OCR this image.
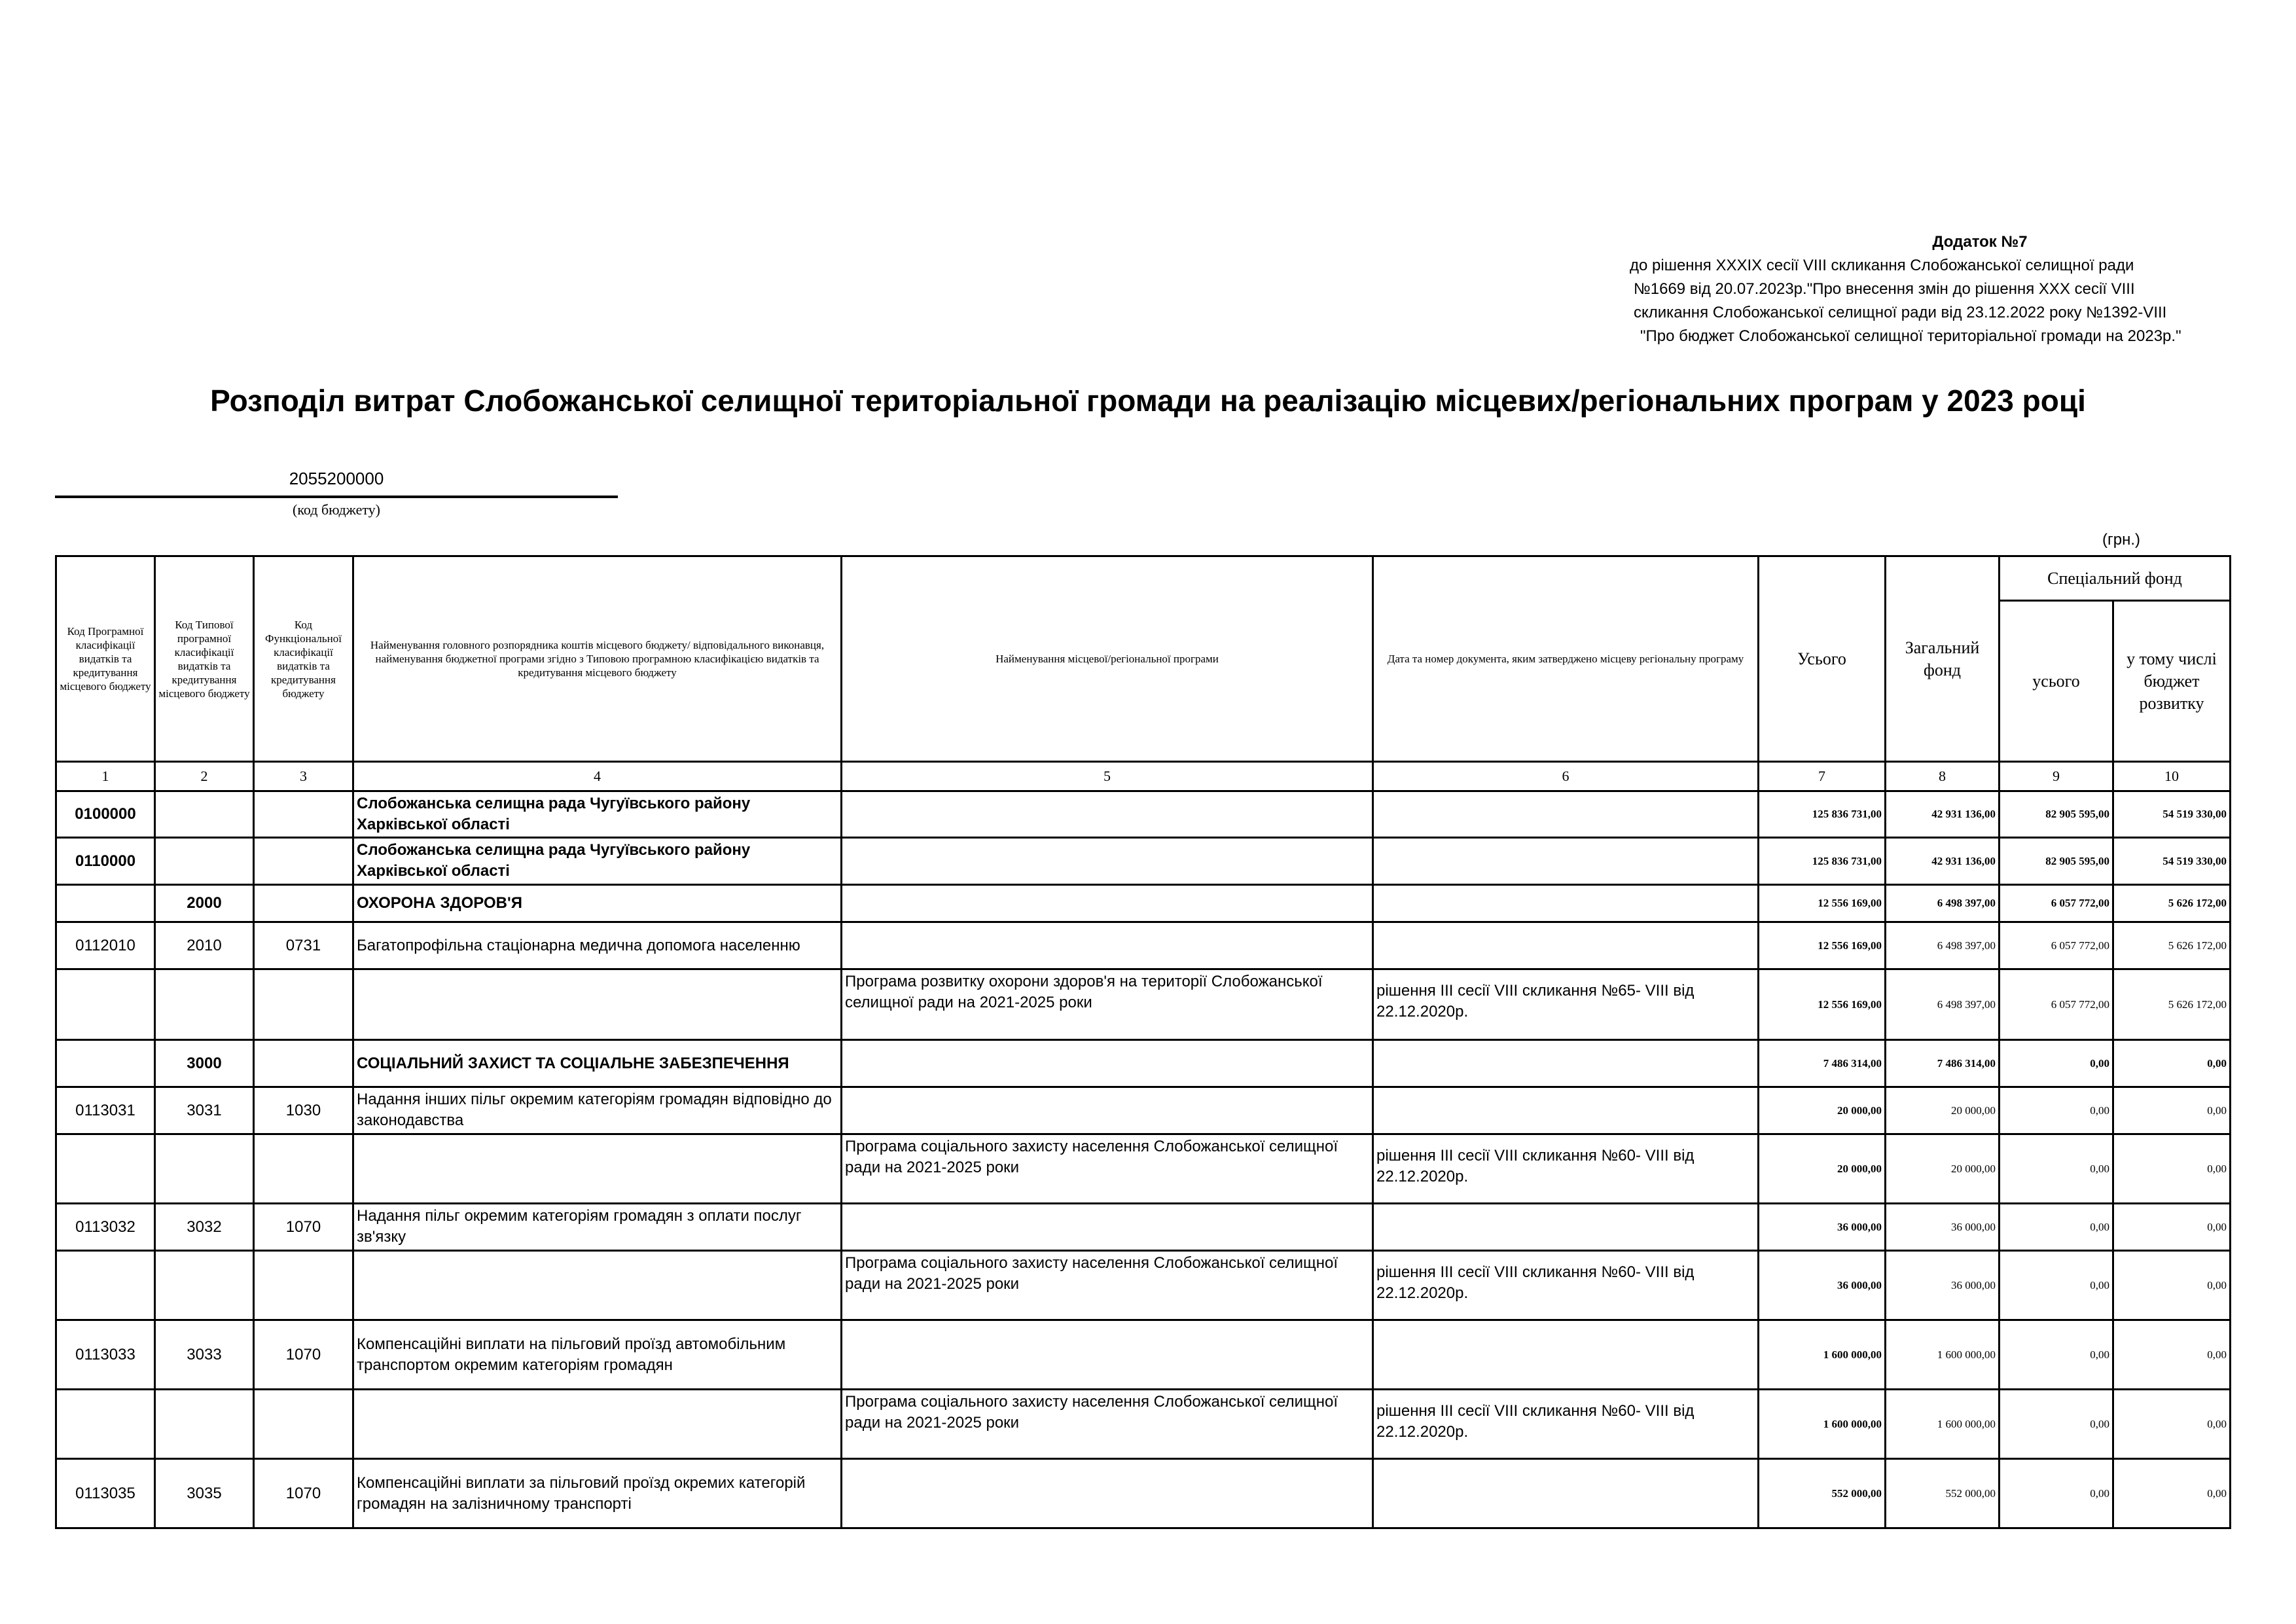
Додаток №7
до рішення ХХХІХ сесії VIII скликання Слобожанської селищної ради
№1669 від 20.07.2023р."Про внесення змін до рішення ХХХ сесії VIII
скликання Слобожанської селищної ради від 23.12.2022 року №1392-VIII
"Про бюджет Слобожанської селищної територіальної громади на 2023р."
Розподіл витрат Слобожанської селищної територіальної громади на реалізацію місцевих/регіональних програм у 2023 році
2055200000
(код бюджету)
(грн.)
Код Програмної класифікації видатків та кредитування місцевого бюджету	Код Типової програмної класифікації видатків та кредитування місцевого бюджету	Код Функціональної класифікації видатків та кредитування бюджету	Найменування головного розпорядника коштів місцевого бюджету/ відповідального виконавця, найменування бюджетної програми згідно з Типовою програмною класифікацією видатків та кредитування місцевого бюджету	Найменування місцевої/регіональної програми	Дата та номер документа, яким затверджено місцеву регіональну програму	Усього	Загальний фонд	Спеціальний фонд	
								усього	у тому числі бюджет розвитку
1	2	3	4	5	6	7	8	9	10
0100000			Слобожанська селищна рада Чугуївського району Харківської області			125 836 731,00	42 931 136,00	82 905 595,00	54 519 330,00
0110000			Слобожанська селищна рада Чугуївського району Харківської області			125 836 731,00	42 931 136,00	82 905 595,00	54 519 330,00
	2000		ОХОРОНА ЗДОРОВ'Я			12 556 169,00	6 498 397,00	6 057 772,00	5 626 172,00
0112010	2010	0731	Багатопрофільна стаціонарна медична допомога населенню			12 556 169,00	6 498 397,00	6 057 772,00	5 626 172,00
				Програма розвитку охорони здоров'я на території Слобожанської селищної ради на 2021-2025 роки	рішення ІІІ сесії VIII скликання №65- VIII від 22.12.2020р.	12 556 169,00	6 498 397,00	6 057 772,00	5 626 172,00
	3000		СОЦІАЛЬНИЙ ЗАХИСТ ТА СОЦІАЛЬНЕ ЗАБЕЗПЕЧЕННЯ			7 486 314,00	7 486 314,00	0,00	0,00
0113031	3031	1030	Надання інших пільг окремим категоріям громадян відповідно до законодавства			20 000,00	20 000,00	0,00	0,00
				Програма соціального захисту населення Слобожанської селищної ради на 2021-2025 роки	рішення ІІІ сесії VIII скликання №60- VIII від 22.12.2020р.	20 000,00	20 000,00	0,00	0,00
0113032	3032	1070	Надання пільг окремим категоріям громадян з оплати послуг зв'язку			36 000,00	36 000,00	0,00	0,00
				Програма соціального захисту населення Слобожанської селищної ради на 2021-2025 роки	рішення ІІІ сесії VIII скликання №60- VIII від 22.12.2020р.	36 000,00	36 000,00	0,00	0,00
0113033	3033	1070	Компенсаційні виплати на пільговий проїзд автомобільним транспортом окремим категоріям громадян			1 600 000,00	1 600 000,00	0,00	0,00
				Програма соціального захисту населення Слобожанської селищної ради на 2021-2025 роки	рішення ІІІ сесії VIII скликання №60- VIII від 22.12.2020р.	1 600 000,00	1 600 000,00	0,00	0,00
0113035	3035	1070	Компенсаційні виплати за пільговий проїзд окремих категорій громадян на залізничному транспорті			552 000,00	552 000,00	0,00	0,00
